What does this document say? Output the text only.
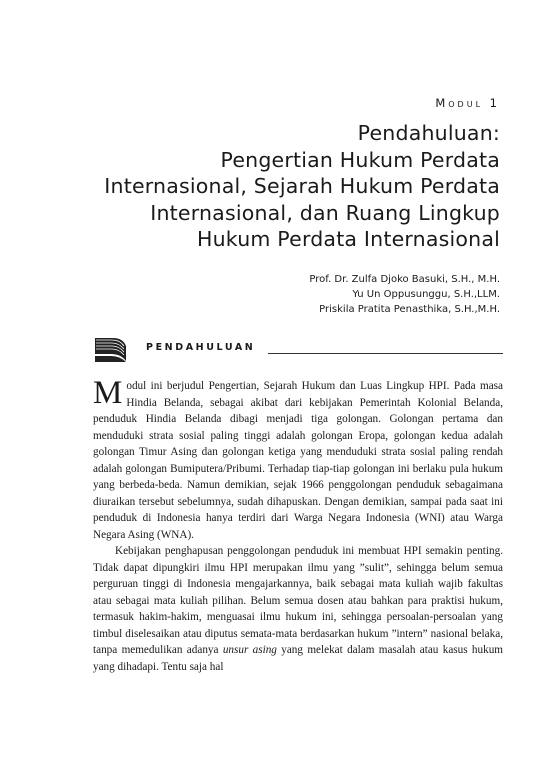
Modul 1
Pendahuluan:
Pengertian Hukum Perdata
Internasional, Sejarah Hukum Perdata
Internasional, dan Ruang Lingkup
Hukum Perdata Internasional
Prof. Dr. Zulfa Djoko Basuki, S.H., M.H.
Yu Un Oppusunggu, S.H.,LLM.
Priskila Pratita Penasthika, S.H.,M.H.
PENDAHULUAN

Modul ini berjudul Pengertian, Sejarah Hukum dan Luas Lingkup HPI. Pada masa Hindia Belanda, sebagai akibat dari kebijakan Pemerintah Kolonial Belanda, penduduk Hindia Belanda dibagi menjadi tiga golongan. Golongan pertama dan menduduki strata sosial paling tinggi adalah golongan Eropa, golongan kedua adalah golongan Timur Asing dan golongan ketiga yang menduduki strata sosial paling rendah adalah golongan Bumiputera/Pribumi. Terhadap tiap-tiap golongan ini berlaku pula hukum yang berbeda-beda. Namun demikian, sejak 1966 penggolongan penduduk sebagaimana diuraikan tersebut sebelumnya, sudah dihapuskan. Dengan demikian, sampai pada saat ini penduduk di Indonesia hanya terdiri dari Warga Negara Indonesia (WNI) atau Warga Negara Asing (WNA).

Kebijakan penghapusan penggolongan penduduk ini membuat HPI semakin penting. Tidak dapat dipungkiri ilmu HPI merupakan ilmu yang ”sulit”, sehingga belum semua perguruan tinggi di Indonesia mengajarkannya, baik sebagai mata kuliah wajib fakultas atau sebagai mata kuliah pilihan. Belum semua dosen atau bahkan para praktisi hukum, termasuk hakim-hakim, menguasai ilmu hukum ini, sehingga persoalan-persoalan yang timbul diselesaikan atau diputus semata-mata berdasarkan hukum ”intern” nasional belaka, tanpa memedulikan adanya unsur asing yang melekat dalam masalah atau kasus hukum yang dihadapi. Tentu saja hal
